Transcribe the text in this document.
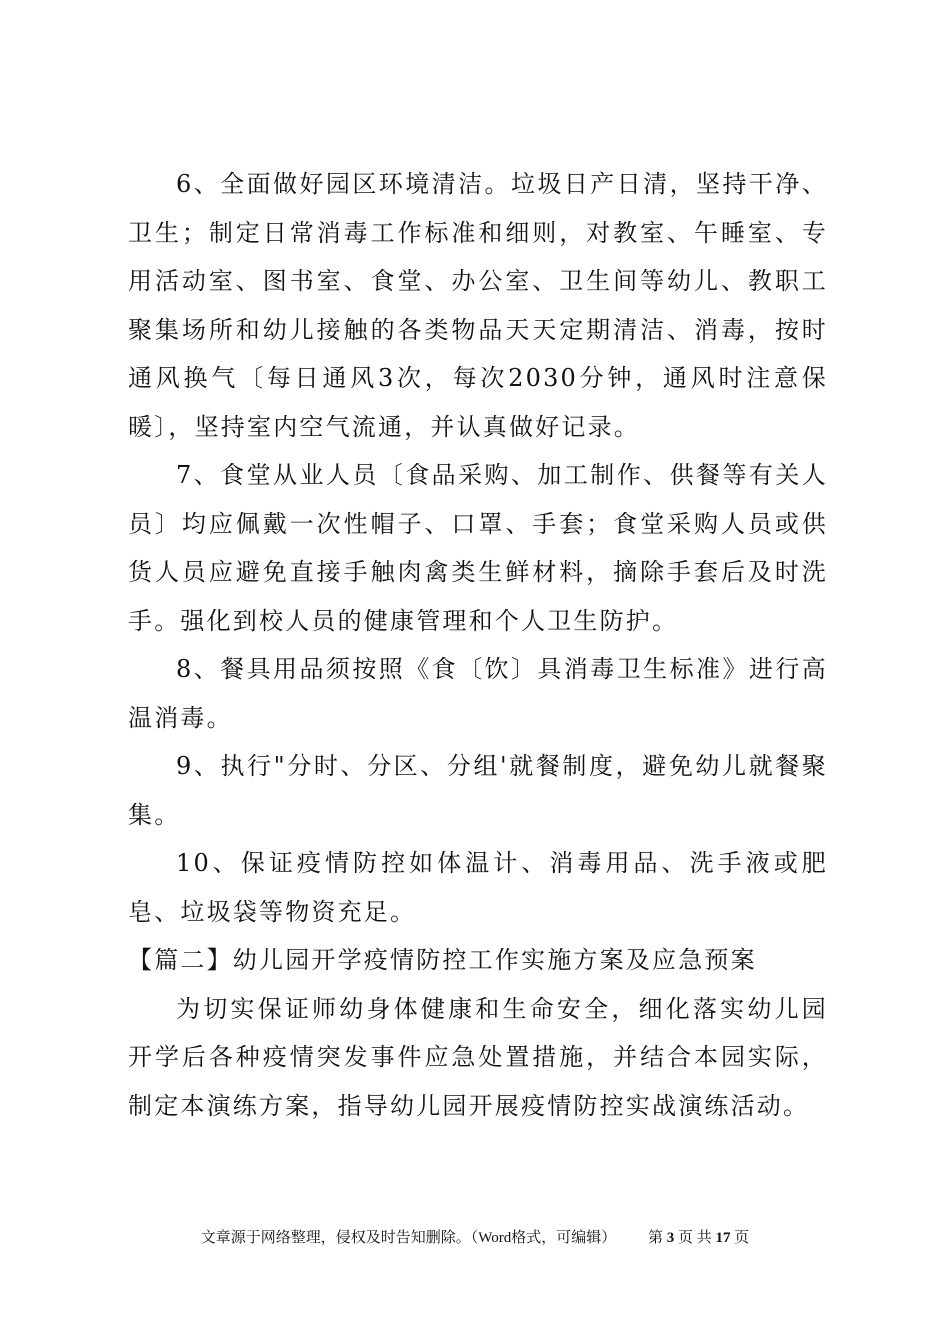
6、全面做好园区环境清洁。垃圾日产日清，坚持干净、卫生；制定日常消毒工作标准和细则，对教室、午睡室、专用活动室、图书室、食堂、办公室、卫生间等幼儿、教职工聚集场所和幼儿接触的各类物品天天定期清洁、消毒，按时通风换气〔每日通风3次，每次2030分钟，通风时注意保暖〕，坚持室内空气流通，并认真做好记录。

7、食堂从业人员〔食品采购、加工制作、供餐等有关人员〕均应佩戴一次性帽子、口罩、手套；食堂采购人员或供货人员应避免直接手触肉禽类生鲜材料，摘除手套后及时洗手。强化到校人员的健康管理和个人卫生防护。

8、餐具用品须按照《食〔饮〕具消毒卫生标准》进行高温消毒。

9、执行"分时、分区、分组'就餐制度，避免幼儿就餐聚集。

10、保证疫情防控如体温计、消毒用品、洗手液或肥皂、垃圾袋等物资充足。

【篇二】幼儿园开学疫情防控工作实施方案及应急预案

为切实保证师幼身体健康和生命安全，细化落实幼儿园开学后各种疫情突发事件应急处置措施，并结合本园实际，制定本演练方案，指导幼儿园开展疫情防控实战演练活动。

文章源于网络整理，侵权及时告知删除。（Word格式，可编辑） 第 3 页 共 17 页
